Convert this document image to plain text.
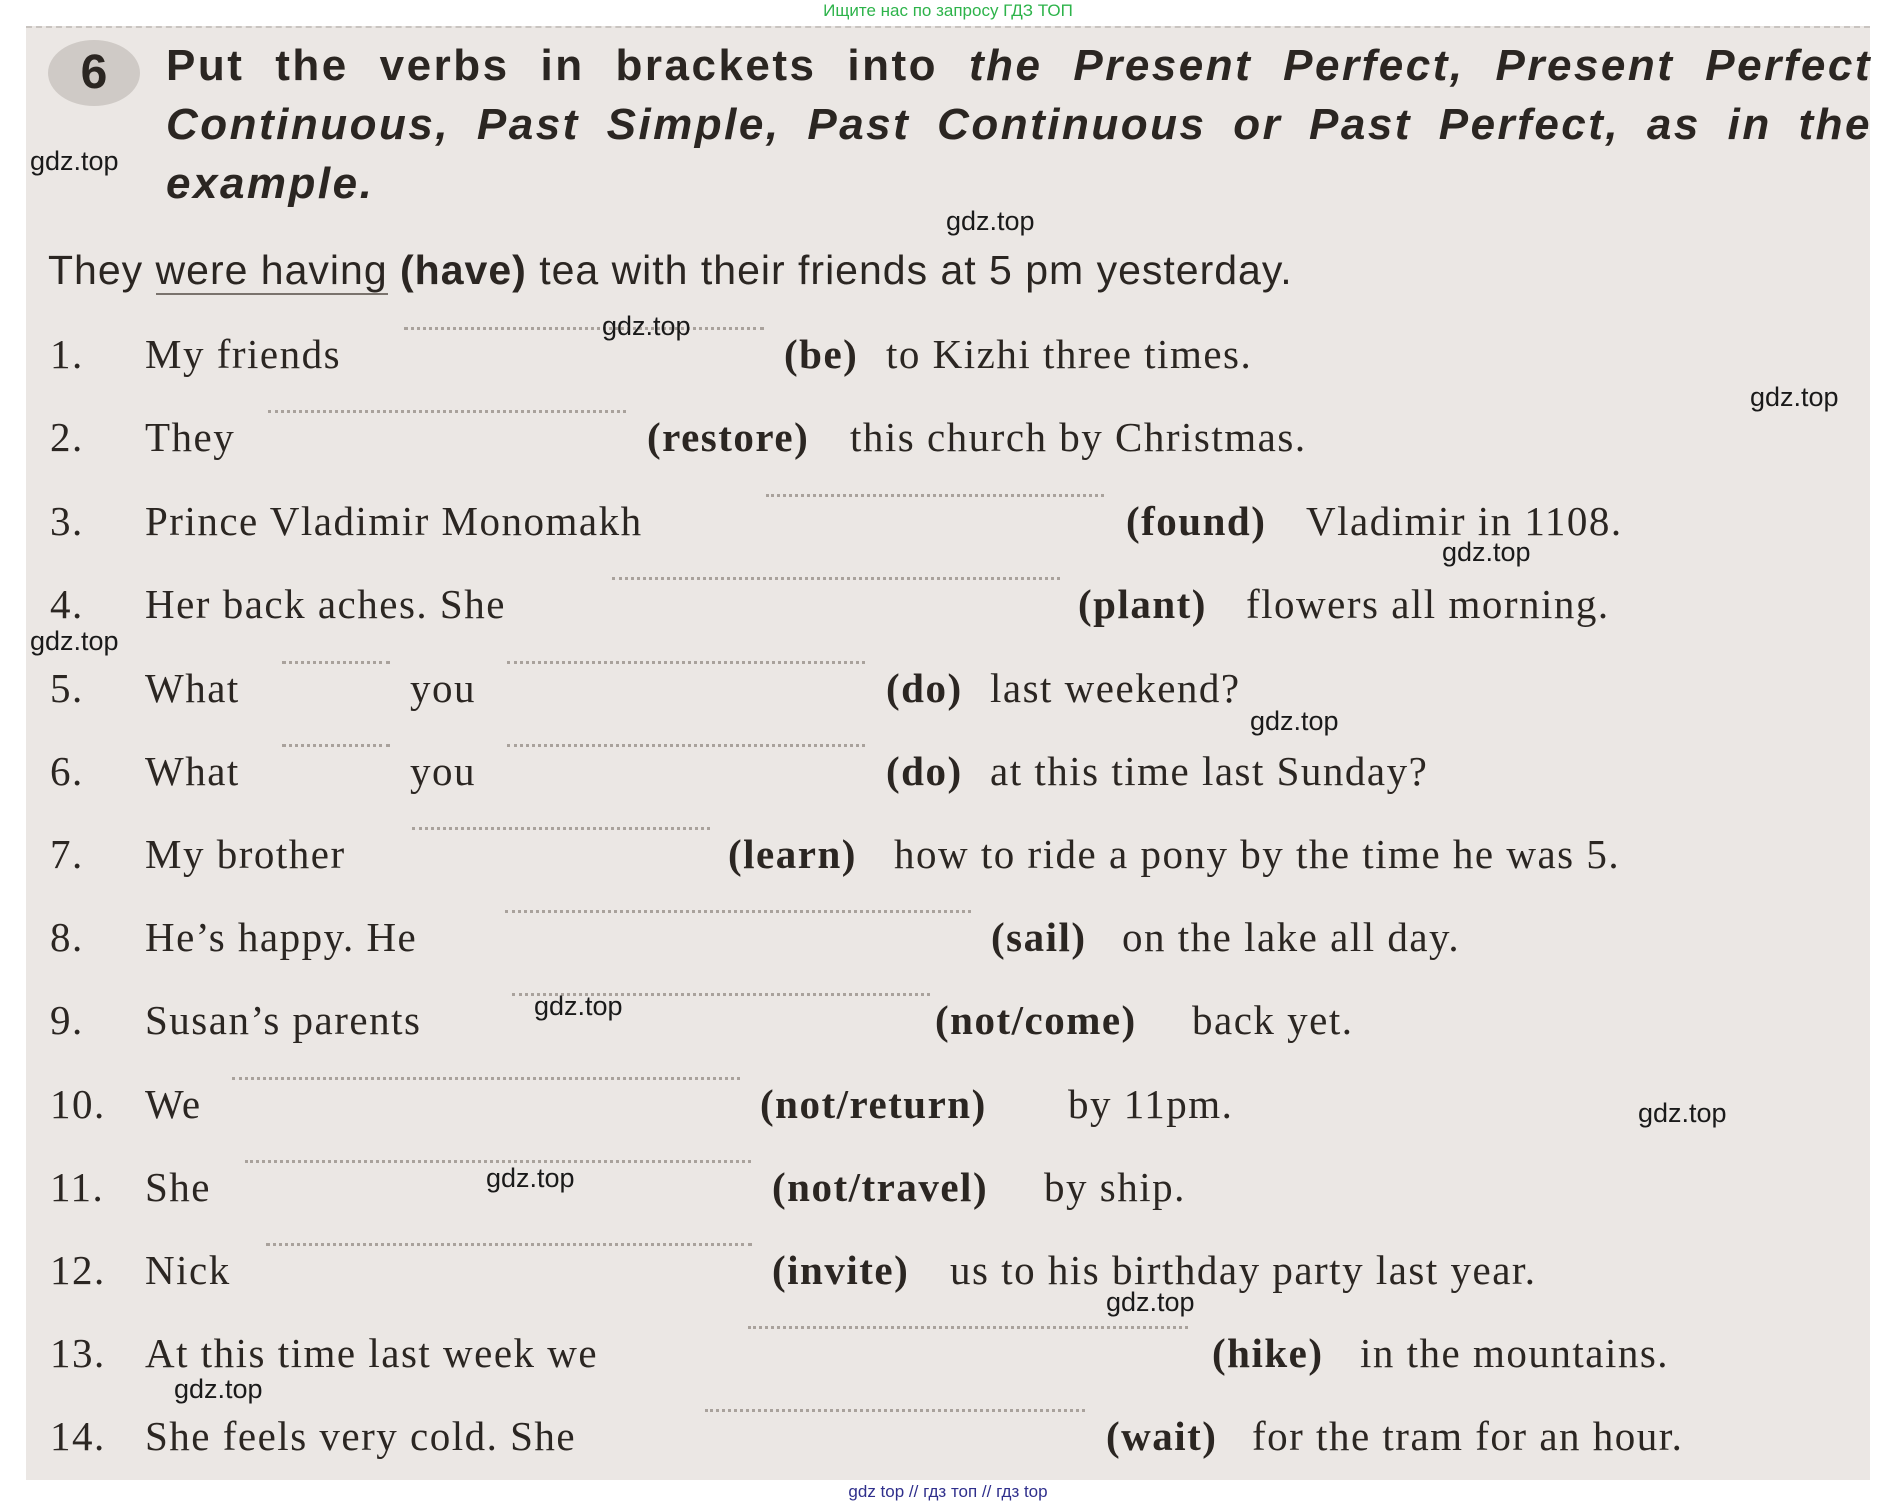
Ищите нас по запросу ГДЗ ТОП
6	Put the verbs in brackets into the Present Perfect, Present Perfect Continuous, Past Simple, Past Continuous or Past Perfect, as in the example.
They were having (have) tea with their friends at 5 pm yesterday.
1. My friends	(be) to Kizhi three times.
2. They	(restore) this church by Christmas.
3. Prince Vladimir Monomakh	(found) Vladimir in 1108.
4. Her back aches. She	(plant) flowers all morning.
5. What	you	(do) last weekend?
6. What	you	(do) at this time last Sunday?
7. My brother	(learn) how to ride a pony by the time he was 5.
8. He’s happy. He	(sail) on the lake all day.
9. Susan’s parents	(not/come) back yet.
10. We	(not/return) by 11pm.
11. She	(not/travel) by ship.
12. Nick	(invite) us to his birthday party last year.
13. At this time last week we	(hike) in the mountains.
14. She feels very cold. She	(wait) for the tram for an hour.
gdz.top
gdz.top
gdz.top
gdz.top
gdz.top
gdz.top
gdz.top
gdz.top
gdz.top
gdz.top
gdz.top
gdz.top
gdz top // гдз топ // гдз top
